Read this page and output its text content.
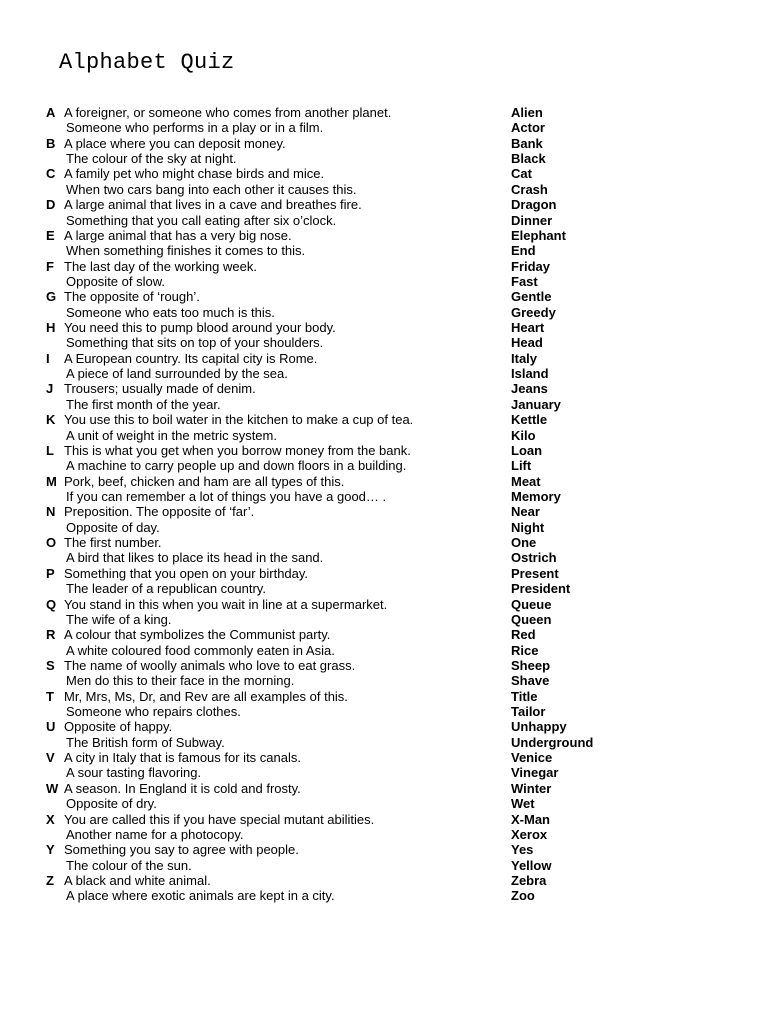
Alphabet Quiz
A A foreigner, or someone who comes from another planet.	Alien
Someone who performs in a play or in a film.	Actor
B A place where you can deposit money.	Bank
The colour of the sky at night.	Black
C A family pet who might chase birds and mice.	Cat
When two cars bang into each other it causes this.	Crash
D A large animal that lives in a cave and breathes fire.	Dragon
Something that you call eating after six o’clock.	Dinner
E A large animal that has a very big nose.	Elephant
When something finishes it comes to this.	End
F The last day of the working week.	Friday
Opposite of slow.	Fast
G The opposite of ‘rough’.	Gentle
Someone who eats too much is this.	Greedy
H You need this to pump blood around your body.	Heart
Something that sits on top of your shoulders.	Head
I A European country. Its capital city is Rome.	Italy
A piece of land surrounded by the sea.	Island
J Trousers; usually made of denim.	Jeans
The first month of the year.	January
K You use this to boil water in the kitchen to make a cup of tea.	Kettle
A unit of weight in the metric system.	Kilo
L This is what you get when you borrow money from the bank.	Loan
A machine to carry people up and down floors in a building.	Lift
M Pork, beef, chicken and ham are all types of this.	Meat
If you can remember a lot of things you have a good… .	Memory
N Preposition. The opposite of ‘far’.	Near
Opposite of day.	Night
O The first number.	One
A bird that likes to place its head in the sand.	Ostrich
P Something that you open on your birthday.	Present
The leader of a republican country.	President
Q You stand in this when you wait in line at a supermarket.	Queue
The wife of a king.	Queen
R A colour that symbolizes the Communist party.	Red
A white coloured food commonly eaten in Asia.	Rice
S The name of woolly animals who love to eat grass.	Sheep
Men do this to their face in the morning.	Shave
T Mr, Mrs, Ms, Dr, and Rev are all examples of this.	Title
Someone who repairs clothes.	Tailor
U Opposite of happy.	Unhappy
The British form of Subway.	Underground
V A city in Italy that is famous for its canals.	Venice
A sour tasting flavoring.	Vinegar
W A season. In England it is cold and frosty.	Winter
Opposite of dry.	Wet
X You are called this if you have special mutant abilities.	X-Man
Another name for a photocopy.	Xerox
Y Something you say to agree with people.	Yes
The colour of the sun.	Yellow
Z A black and white animal.	Zebra
A place where exotic animals are kept in a city.	Zoo
